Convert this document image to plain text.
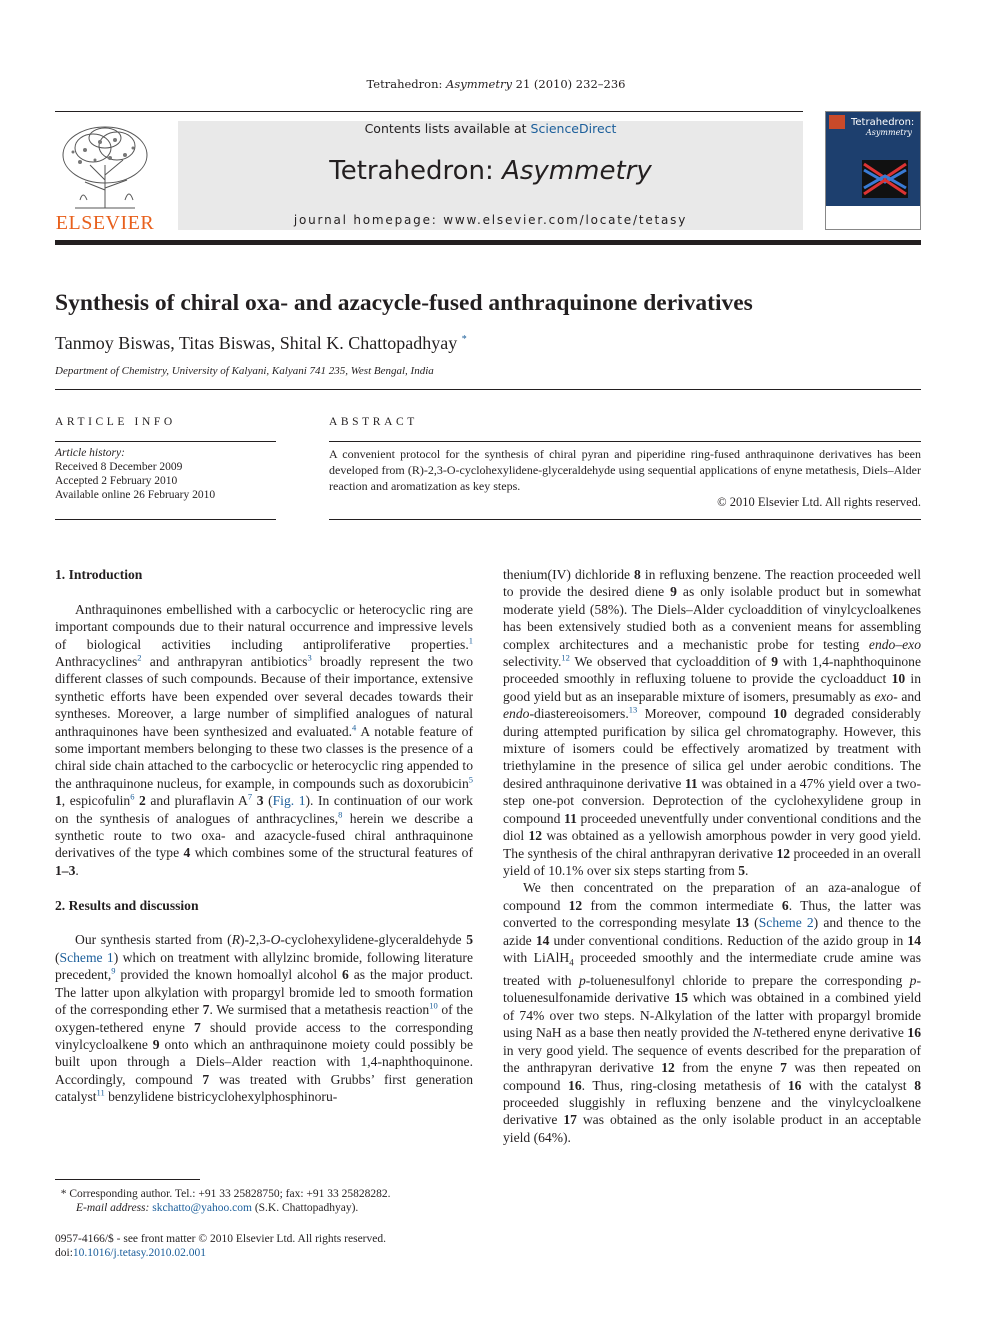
Tetrahedron: Asymmetry 21 (2010) 232–236
ELSEVIER
Contents lists available at ScienceDirect
Tetrahedron: Asymmetry
journal homepage: www.elsevier.com/locate/tetasy
Tetrahedron:
Asymmetry
Synthesis of chiral oxa- and azacycle-fused anthraquinone derivatives
Tanmoy Biswas, Titas Biswas, Shital K. Chattopadhyay *
Department of Chemistry, University of Kalyani, Kalyani 741 235, West Bengal, India
ARTICLE INFO
Article history:
Received 8 December 2009
Accepted 2 February 2010
Available online 26 February 2010
ABSTRACT
A convenient protocol for the synthesis of chiral pyran and piperidine ring-fused anthraquinone derivatives has been developed from (R)-2,3-O-cyclohexylidene-glyceraldehyde using sequential applications of enyne metathesis, Diels–Alder reaction and aromatization as key steps.
© 2010 Elsevier Ltd. All rights reserved.
1. Introduction

Anthraquinones embellished with a carbocyclic or heterocyclic ring are important compounds due to their natural occurrence and impressive levels of biological activities including antiproliferative properties.$^1$ Anthracyclines$^2$ and anthrapyran antibiotics$^3$ broadly represent the two different classes of such compounds. Because of their importance, extensive synthetic efforts have been expended over several decades towards their syntheses. Moreover, a large number of simplified analogues of natural anthraquinones have been synthesized and evaluated.$^4$ A notable feature of some important members belonging to these two classes is the presence of a chiral side chain attached to the carbocyclic or heterocyclic ring appended to the anthraquinone nucleus, for example, in compounds such as doxorubicin$^5$ 1, espicofulin$^6$ 2 and pluraflavin $A^7$ 3 (Fig. 1). In continuation of our work on the synthesis of analogues of anthracyclines,$^8$ herein we describe a synthetic route to two oxa- and azacycle-fused chiral anthraquinone derivatives of the type 4 which combines some of the structural features of 1–3.

2. Results and discussion

Our synthesis started from (R)-2,3-O-cyclohexylidene-glyceraldehyde 5 (Scheme 1) which on treatment with allylzinc bromide, following literature precedent,$^9$ provided the known homoallyl alcohol 6 as the major product. The latter upon alkylation with propargyl bromide led to smooth formation of the corresponding ether 7. We surmised that a metathesis reaction$^{10}$ of the oxygen-tethered enyne 7 should provide access to the corresponding vinylcycloalkene 9 onto which an anthraquinone moiety could possibly be built upon through a Diels–Alder reaction with 1,4-naphthoquinone. Accordingly, compound 7 was treated with Grubbs’ first generation catalyst$^{11}$ benzylidene bistricyclohexylphosphinoru-

thenium(IV) dichloride 8 in refluxing benzene. The reaction proceeded well to provide the desired diene 9 as only isolable product but in somewhat moderate yield (58%). The Diels–Alder cycloaddition of vinylcycloalkenes has been extensively studied both as a convenient means for assembling complex architectures and a mechanistic probe for testing endo–exo selectivity.$^{12}$ We observed that cycloaddition of 9 with 1,4-naphthoquinone proceeded smoothly in refluxing toluene to provide the cycloadduct 10 in good yield but as an inseparable mixture of isomers, presumably as exo- and endo-diastereoisomers.$^{13}$ Moreover, compound 10 degraded considerably during attempted purification by silica gel chromatography. However, this mixture of isomers could be effectively aromatized by treatment with triethylamine in the presence of silica gel under aerobic conditions. The desired anthraquinone derivative 11 was obtained in a 47% yield over a two-step one-pot conversion. Deprotection of the cyclohexylidene group in compound 11 proceeded uneventfully under conventional conditions and the diol 12 was obtained as a yellowish amorphous powder in very good yield. The synthesis of the chiral anthrapyran derivative 12 proceeded in an overall yield of 10.1% over six steps starting from 5.

We then concentrated on the preparation of an aza-analogue of compound 12 from the common intermediate 6. Thus, the latter was converted to the corresponding mesylate 13 (Scheme 2) and thence to the azide 14 under conventional conditions. Reduction of the azido group in 14 with LiAlH$_4$ proceeded smoothly and the intermediate crude amine was treated with p-toluenesulfonyl chloride to prepare the corresponding p-toluenesulfonamide derivative 15 which was obtained in a combined yield of 74% over two steps. N-Alkylation of the latter with propargyl bromide using NaH as a base then neatly provided the N-tethered enyne derivative 16 in very good yield. The sequence of events described for the preparation of the anthrapyran derivative 12 from the enyne 7 was then repeated on compound 16. Thus, ring-closing metathesis of 16 with the catalyst 8 proceeded sluggishly in refluxing benzene and the vinylcycloalkene derivative 17 was obtained as the only isolable product in an acceptable yield (64%).

* Corresponding author. Tel.: +91 33 25828750; fax: +91 33 25828282.
E-mail address: skchatto@yahoo.com (S.K. Chattopadhyay).
0957-4166/$ - see front matter © 2010 Elsevier Ltd. All rights reserved.
doi:10.1016/j.tetasy.2010.02.001
